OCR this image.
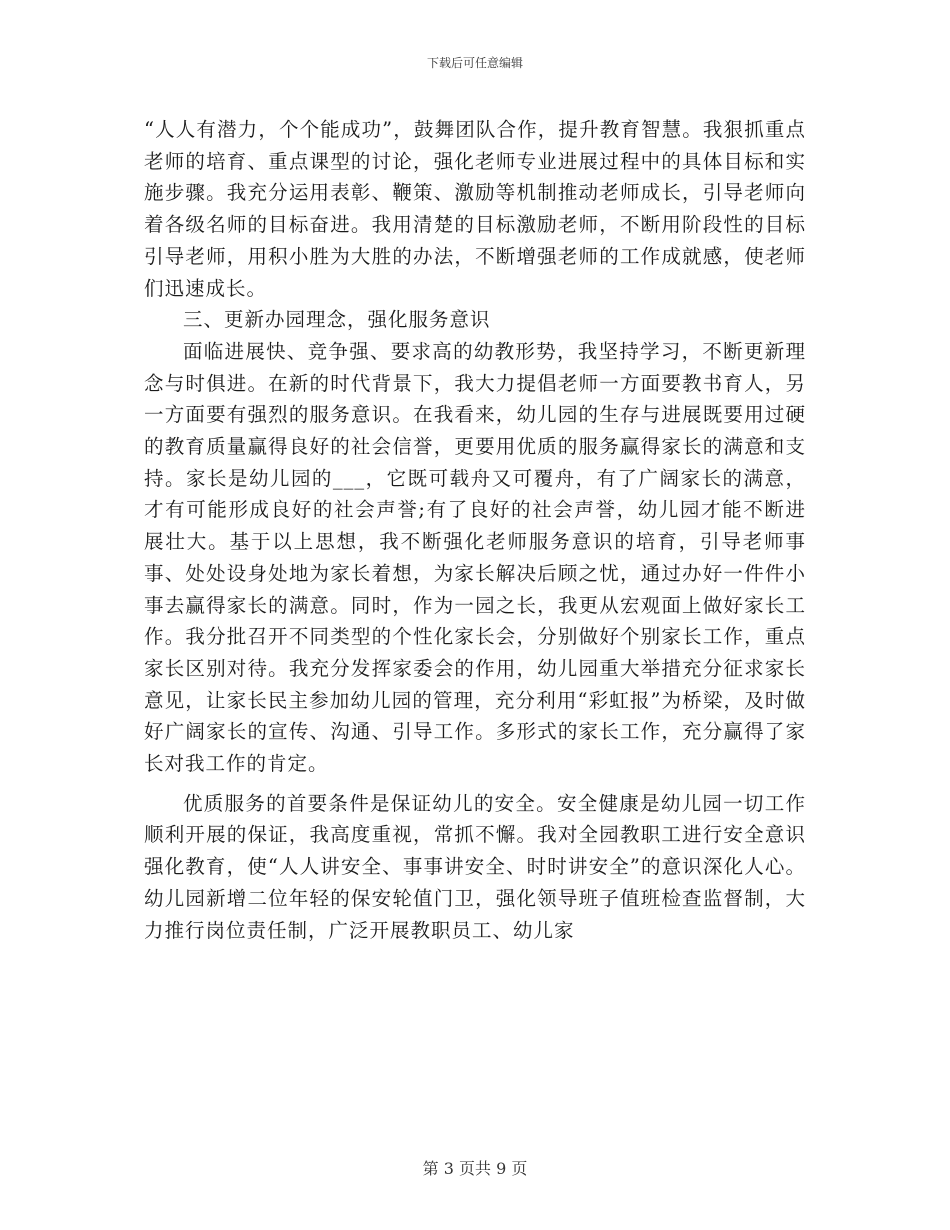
下载后可任意编辑

“人人有潜力，个个能成功”，鼓舞团队合作，提升教育智慧。我狠抓重点老师的培育、重点课型的讨论，强化老师专业进展过程中的具体目标和实施步骤。我充分运用表彰、鞭策、激励等机制推动老师成长，引导老师向着各级名师的目标奋进。我用清楚的目标激励老师，不断用阶段性的目标引导老师，用积小胜为大胜的办法，不断增强老师的工作成就感，使老师们迅速成长。

三、更新办园理念，强化服务意识

面临进展快、竞争强、要求高的幼教形势，我坚持学习，不断更新理念与时俱进。在新的时代背景下，我大力提倡老师一方面要教书育人，另一方面要有强烈的服务意识。在我看来，幼儿园的生存与进展既要用过硬的教育质量赢得良好的社会信誉，更要用优质的服务赢得家长的满意和支持。家长是幼儿园的___，它既可载舟又可覆舟，有了广阔家长的满意，才有可能形成良好的社会声誉;有了良好的社会声誉，幼儿园才能不断进展壮大。基于以上思想，我不断强化老师服务意识的培育，引导老师事事、处处设身处地为家长着想，为家长解决后顾之忧，通过办好一件件小事去赢得家长的满意。同时，作为一园之长，我更从宏观面上做好家长工作。我分批召开不同类型的个性化家长会，分别做好个别家长工作，重点家长区别对待。我充分发挥家委会的作用，幼儿园重大举措充分征求家长意见，让家长民主参加幼儿园的管理，充分利用“彩虹报”为桥梁，及时做好广阔家长的宣传、沟通、引导工作。多形式的家长工作，充分赢得了家长对我工作的肯定。

优质服务的首要条件是保证幼儿的安全。安全健康是幼儿园一切工作顺利开展的保证，我高度重视，常抓不懈。我对全园教职工进行安全意识强化教育，使“人人讲安全、事事讲安全、时时讲安全”的意识深化人心。幼儿园新增二位年轻的保安轮值门卫，强化领导班子值班检查监督制，大力推行岗位责任制，广泛开展教职员工、幼儿家

第 3 页共 9 页
